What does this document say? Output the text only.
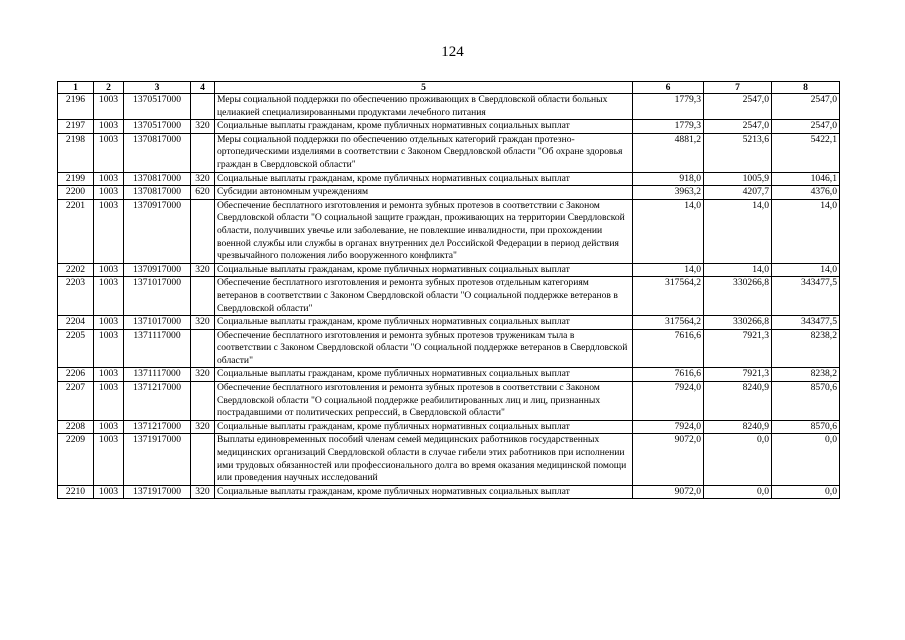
124
1	2	3	4	5	6	7	8
2196	1003	1370517000		Меры социальной поддержки по обеспечению проживающих в Свердловской области больных целиакией специализированными продуктами лечебного питания	1779,3	2547,0	2547,0
2197	1003	1370517000	320	Социальные выплаты гражданам, кроме публичных нормативных социальных выплат	1779,3	2547,0	2547,0
2198	1003	1370817000		Меры социальной поддержки по обеспечению отдельных категорий граждан протезно-ортопедическими изделиями в соответствии с Законом Свердловской области "Об охране здоровья граждан в Свердловской области"	4881,2	5213,6	5422,1
2199	1003	1370817000	320	Социальные выплаты гражданам, кроме публичных нормативных социальных выплат	918,0	1005,9	1046,1
2200	1003	1370817000	620	Субсидии автономным учреждениям	3963,2	4207,7	4376,0
2201	1003	1370917000		Обеспечение бесплатного изготовления и ремонта зубных протезов в соответствии с Законом Свердловской области "О социальной защите граждан, проживающих на территории Свердловской области, получивших увечье или заболевание, не повлекшие инвалидности, при прохождении военной службы или службы в органах внутренних дел Российской Федерации в период действия чрезвычайного положения либо вооруженного конфликта"	14,0	14,0	14,0
2202	1003	1370917000	320	Социальные выплаты гражданам, кроме публичных нормативных социальных выплат	14,0	14,0	14,0
2203	1003	1371017000		Обеспечение бесплатного изготовления и ремонта зубных протезов отдельным категориям ветеранов в соответствии с Законом Свердловской области "О социальной поддержке ветеранов в Свердловской области"	317564,2	330266,8	343477,5
2204	1003	1371017000	320	Социальные выплаты гражданам, кроме публичных нормативных социальных выплат	317564,2	330266,8	343477,5
2205	1003	1371117000		Обеспечение бесплатного изготовления и ремонта зубных протезов труженикам тыла в соответствии с Законом Свердловской области "О социальной поддержке ветеранов в Свердловской области"	7616,6	7921,3	8238,2
2206	1003	1371117000	320	Социальные выплаты гражданам, кроме публичных нормативных социальных выплат	7616,6	7921,3	8238,2
2207	1003	1371217000		Обеспечение бесплатного изготовления и ремонта зубных протезов в соответствии с Законом Свердловской области "О социальной поддержке реабилитированных лиц и лиц, признанных пострадавшими от политических репрессий, в Свердловской области"	7924,0	8240,9	8570,6
2208	1003	1371217000	320	Социальные выплаты гражданам, кроме публичных нормативных социальных выплат	7924,0	8240,9	8570,6
2209	1003	1371917000		Выплаты единовременных пособий членам семей медицинских работников государственных медицинских организаций Свердловской области в случае гибели этих работников при исполнении ими трудовых обязанностей или профессионального долга во время оказания медицинской помощи или проведения научных исследований	9072,0	0,0	0,0
2210	1003	1371917000	320	Социальные выплаты гражданам, кроме публичных нормативных социальных выплат	9072,0	0,0	0,0
